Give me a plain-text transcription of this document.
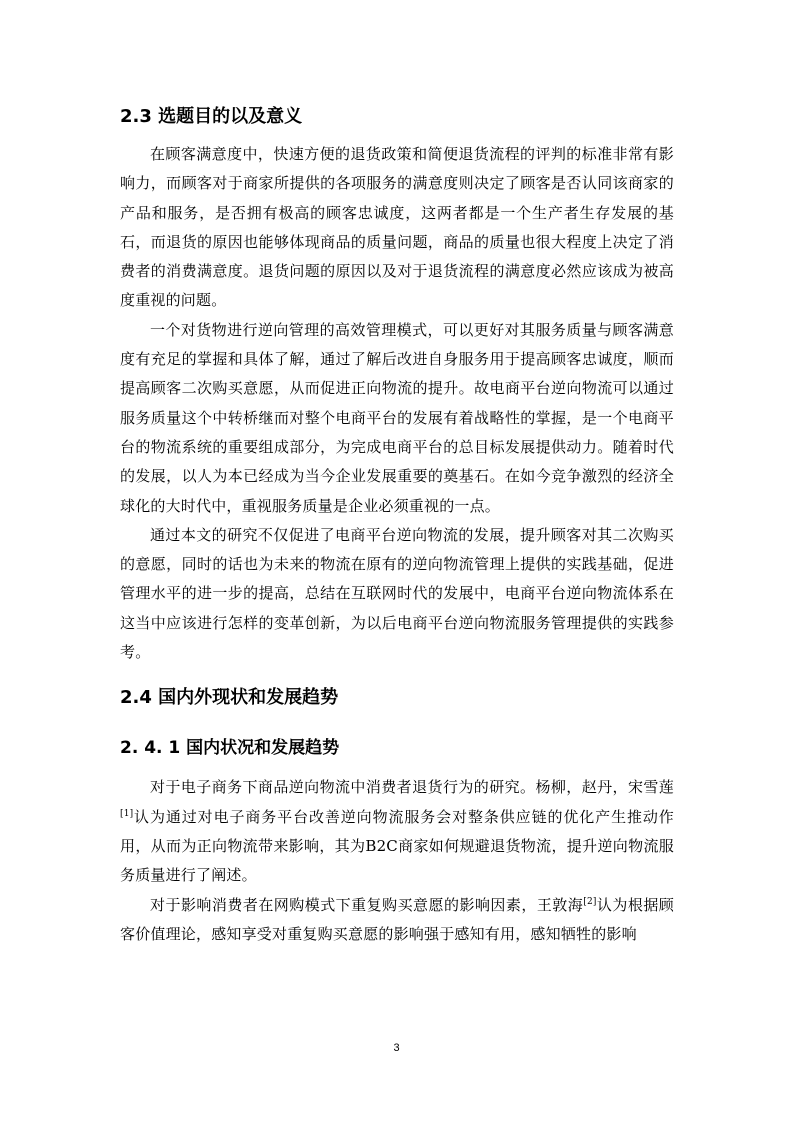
2.3 选题目的以及意义

在顾客满意度中，快速方便的退货政策和简便退货流程的评判的标准非常有影响力，而顾客对于商家所提供的各项服务的满意度则决定了顾客是否认同该商家的产品和服务，是否拥有极高的顾客忠诚度，这两者都是一个生产者生存发展的基石，而退货的原因也能够体现商品的质量问题，商品的质量也很大程度上决定了消费者的消费满意度。退货问题的原因以及对于退货流程的满意度必然应该成为被高度重视的问题。

一个对货物进行逆向管理的高效管理模式，可以更好对其服务质量与顾客满意度有充足的掌握和具体了解，通过了解后改进自身服务用于提高顾客忠诚度，顺而提高顾客二次购买意愿，从而促进正向物流的提升。故电商平台逆向物流可以通过服务质量这个中转桥继而对整个电商平台的发展有着战略性的掌握，是一个电商平台的物流系统的重要组成部分，为完成电商平台的总目标发展提供动力。随着时代的发展，以人为本已经成为当今企业发展重要的奠基石。在如今竞争激烈的经济全球化的大时代中，重视服务质量是企业必须重视的一点。

通过本文的研究不仅促进了电商平台逆向物流的发展，提升顾客对其二次购买的意愿，同时的话也为未来的物流在原有的逆向物流管理上提供的实践基础，促进管理水平的进一步的提高，总结在互联网时代的发展中，电商平台逆向物流体系在这当中应该进行怎样的变革创新，为以后电商平台逆向物流服务管理提供的实践参考。

2.4 国内外现状和发展趋势
2. 4. 1 国内状况和发展趋势

对于电子商务下商品逆向物流中消费者退货行为的研究。杨柳，赵丹，宋雪莲[1]认为通过对电子商务平台改善逆向物流服务会对整条供应链的优化产生推动作用，从而为正向物流带来影响，其为B2C商家如何规避退货物流，提升逆向物流服务质量进行了阐述。

对于影响消费者在网购模式下重复购买意愿的影响因素，王敦海[2]认为根据顾客价值理论，感知享受对重复购买意愿的影响强于感知有用，感知牺牲的影响

3
